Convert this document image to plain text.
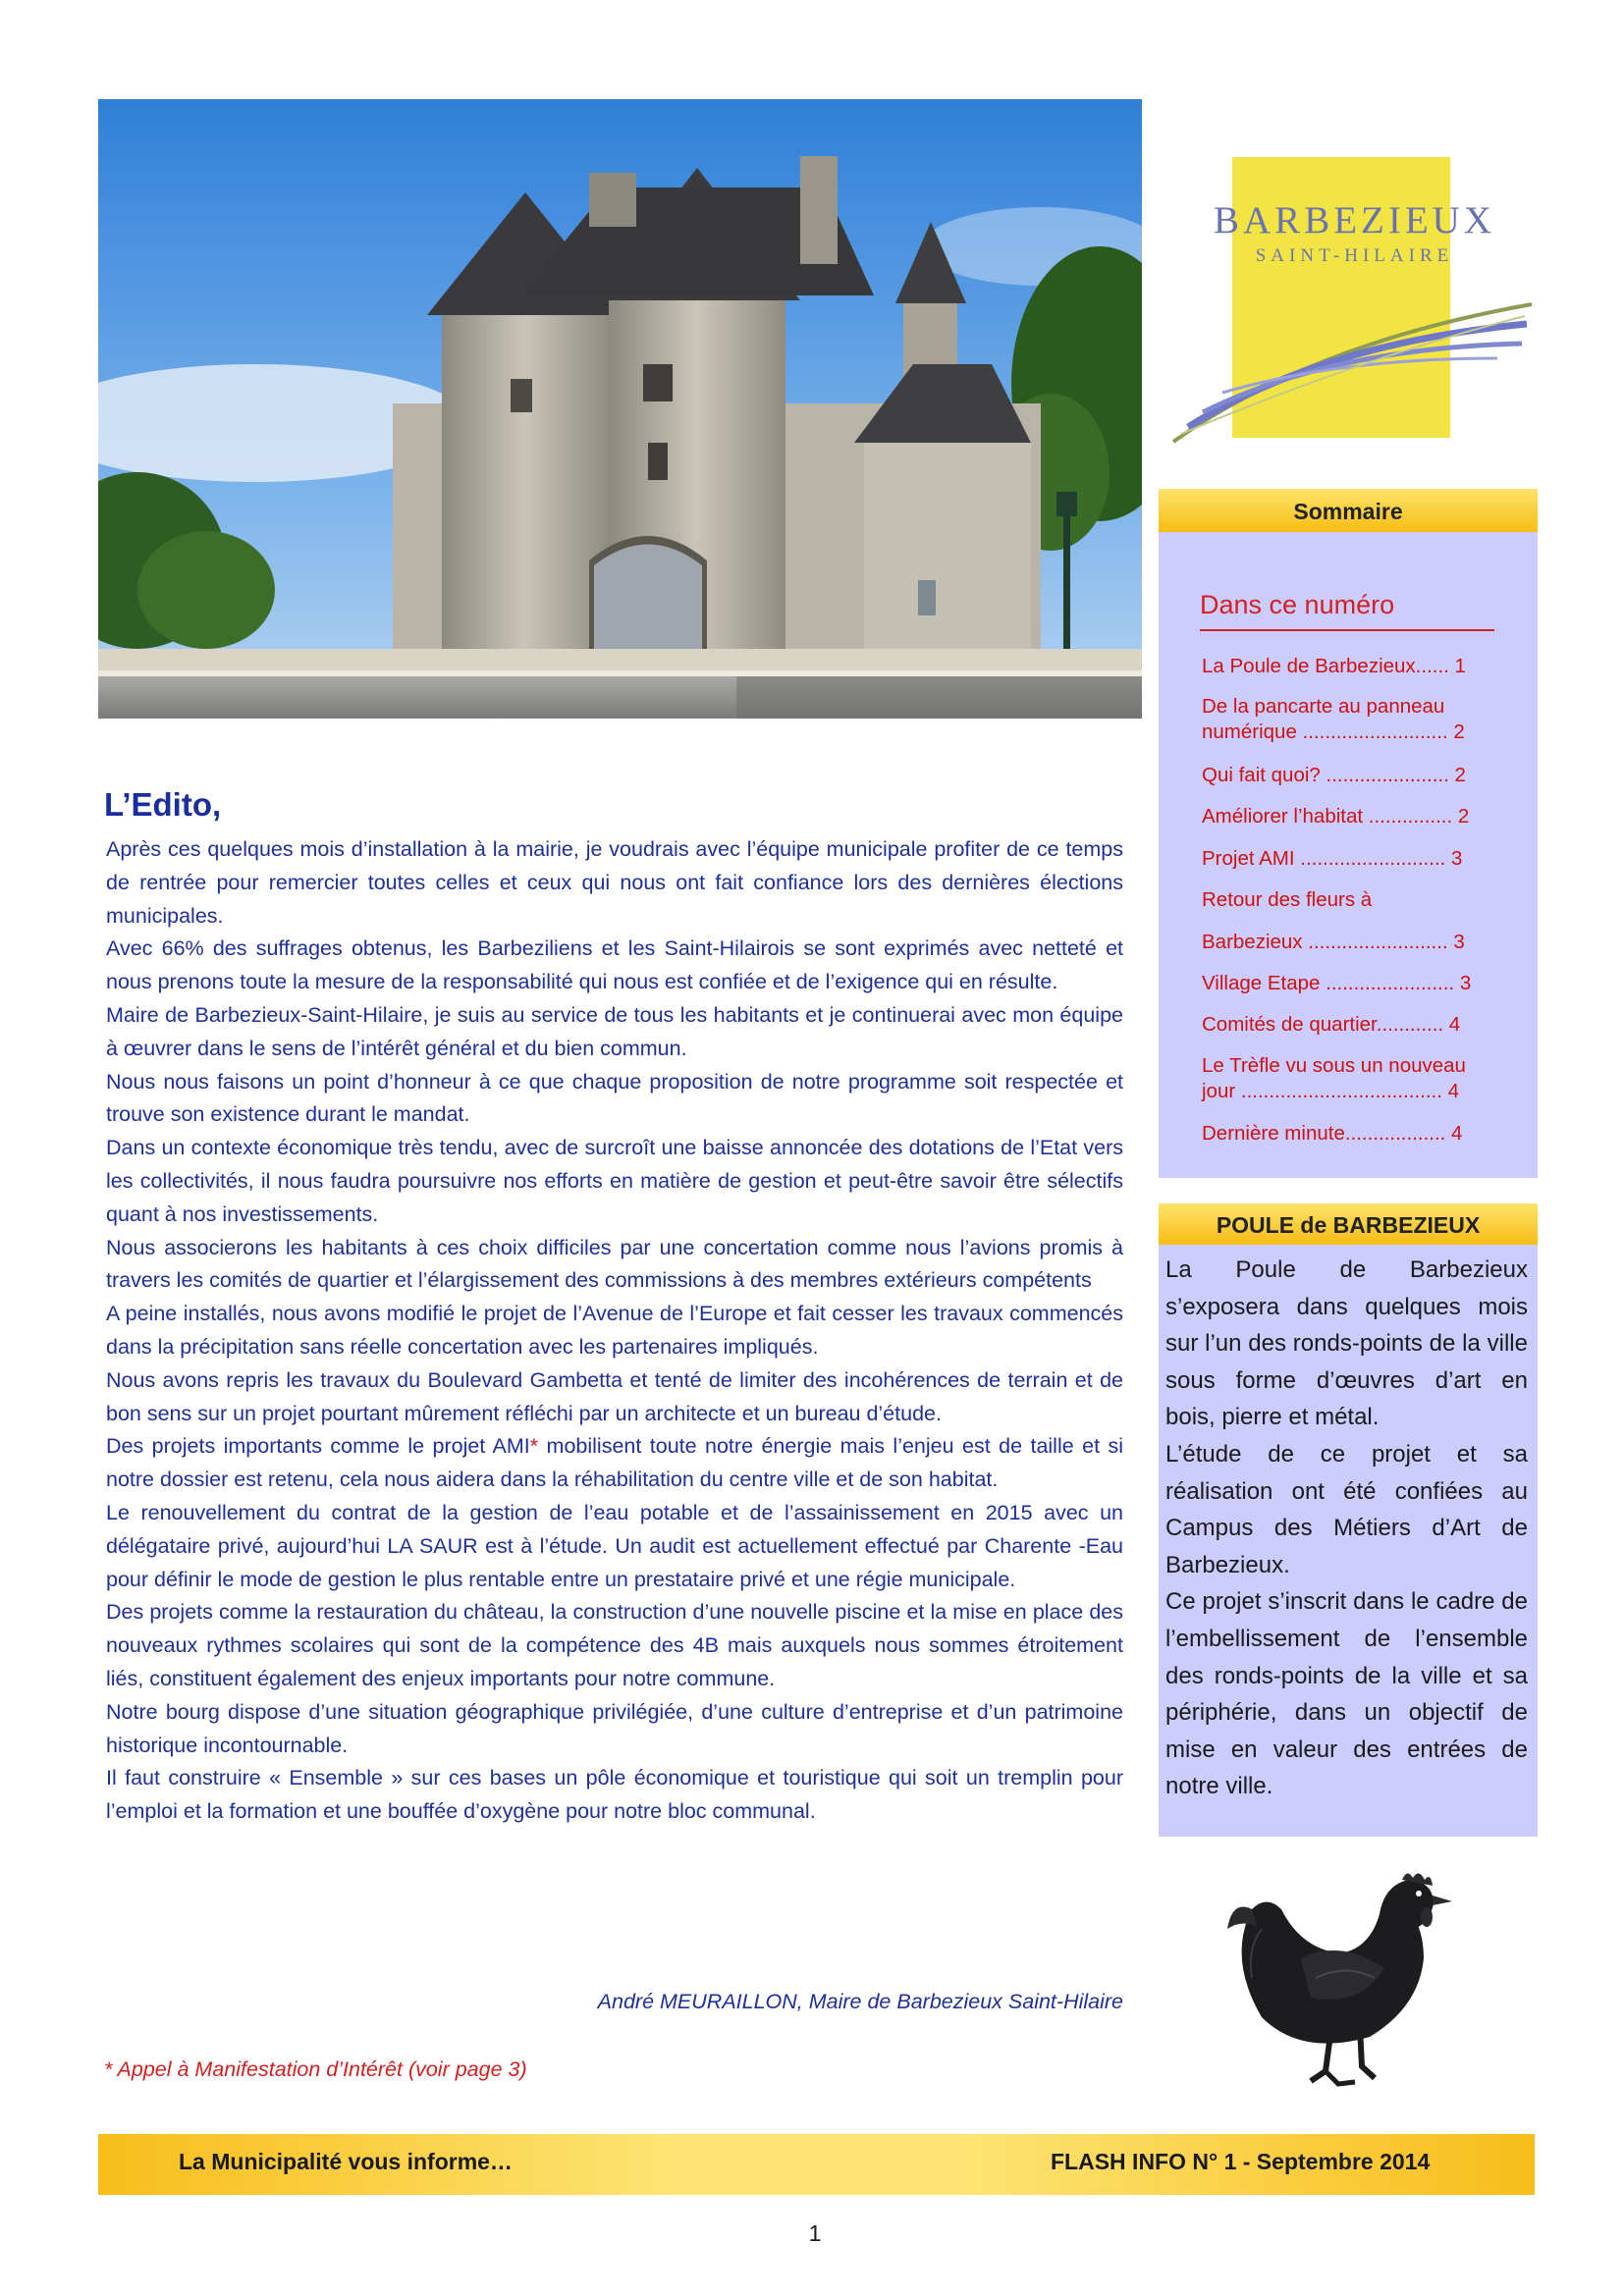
BARBEZIEUX
SAINT-HILAIRE
Sommaire
Dans ce numéro
La Poule de Barbezieux...... 1
De la pancarte au panneau numérique .......................... 2
Qui fait quoi? ...................... 2
Améliorer l’habitat ............... 2
Projet AMI .......................... 3
Retour des fleurs à
Barbezieux ......................... 3
Village Etape ....................... 3
Comités de quartier............ 4
Le Trèfle vu sous un nouveau jour .................................... 4
Dernière minute.................. 4
POULE de BARBEZIEUX

La Poule de Barbezieux s’exposera dans quelques mois sur l’un des ronds-points de la ville sous forme d’œuvres d’art en bois, pierre et métal.

L’étude de ce projet et sa réalisation ont été confiées au Campus des Métiers d’Art de Barbezieux.

Ce projet s’inscrit dans le cadre de l’embellissement de l’ensemble des ronds-points de la ville et sa périphérie, dans un objectif de mise en valeur des entrées de notre ville.

L’Edito,

Après ces quelques mois d’installation à la mairie, je voudrais avec l’équipe municipale profiter de ce temps de rentrée pour remercier toutes celles et ceux qui nous ont fait confiance lors des dernières élections municipales.

Avec 66% des suffrages obtenus, les Barbeziliens et les Saint-Hilairois se sont exprimés avec netteté et nous prenons toute la mesure de la responsabilité qui nous est confiée et de l’exigence qui en résulte.

Maire de Barbezieux-Saint-Hilaire, je suis au service de tous les habitants et je continuerai avec mon équipe à œuvrer dans le sens de l’intérêt général et du bien commun.

Nous nous faisons un point d’honneur à ce que chaque proposition de notre programme soit respectée et trouve son existence durant le mandat.

Dans un contexte économique très tendu, avec de surcroît une baisse annoncée des dotations de l’Etat vers les collectivités, il nous faudra poursuivre nos efforts en matière de gestion et peut-être savoir être sélectifs quant à nos investissements.

Nous associerons les habitants à ces choix difficiles par une concertation comme nous l’avions promis à travers les comités de quartier et l’élargissement des commissions à des membres extérieurs compétents

A peine installés, nous avons modifié le projet de l’Avenue de l’Europe et fait cesser les travaux commencés dans la précipitation sans réelle concertation avec les partenaires impliqués.

Nous avons repris les travaux du Boulevard Gambetta et tenté de limiter des incohérences de terrain et de bon sens sur un projet pourtant mûrement réfléchi par un architecte et un bureau d’étude.

Des projets importants comme le projet AMI* mobilisent toute notre énergie mais l’enjeu est de taille et si notre dossier est retenu, cela nous aidera dans la réhabilitation du centre ville et de son habitat.

Le renouvellement du contrat de la gestion de l’eau potable et de l’assainissement en 2015 avec un délégataire privé, aujourd’hui LA SAUR est à l’étude. Un audit est actuellement effectué par Charente -Eau pour définir le mode de gestion le plus rentable entre un prestataire privé et une régie municipale.

Des projets comme la restauration du château, la construction d’une nouvelle piscine et la mise en place des nouveaux rythmes scolaires qui sont de la compétence des 4B mais auxquels nous sommes étroitement liés, constituent également des enjeux importants pour notre commune.

Notre bourg dispose d’une situation géographique privilégiée, d’une culture d’entreprise et d’un patrimoine historique incontournable.

Il faut construire « Ensemble » sur ces bases un pôle économique et touristique qui soit un tremplin pour l’emploi et la formation et une bouffée d’oxygène pour notre bloc communal.

André MEURAILLON, Maire de Barbezieux Saint-Hilaire
* Appel à Manifestation d’Intérêt (voir page 3)
La Municipalité vous informe…	FLASH INFO N° 1 - Septembre 2014
1
